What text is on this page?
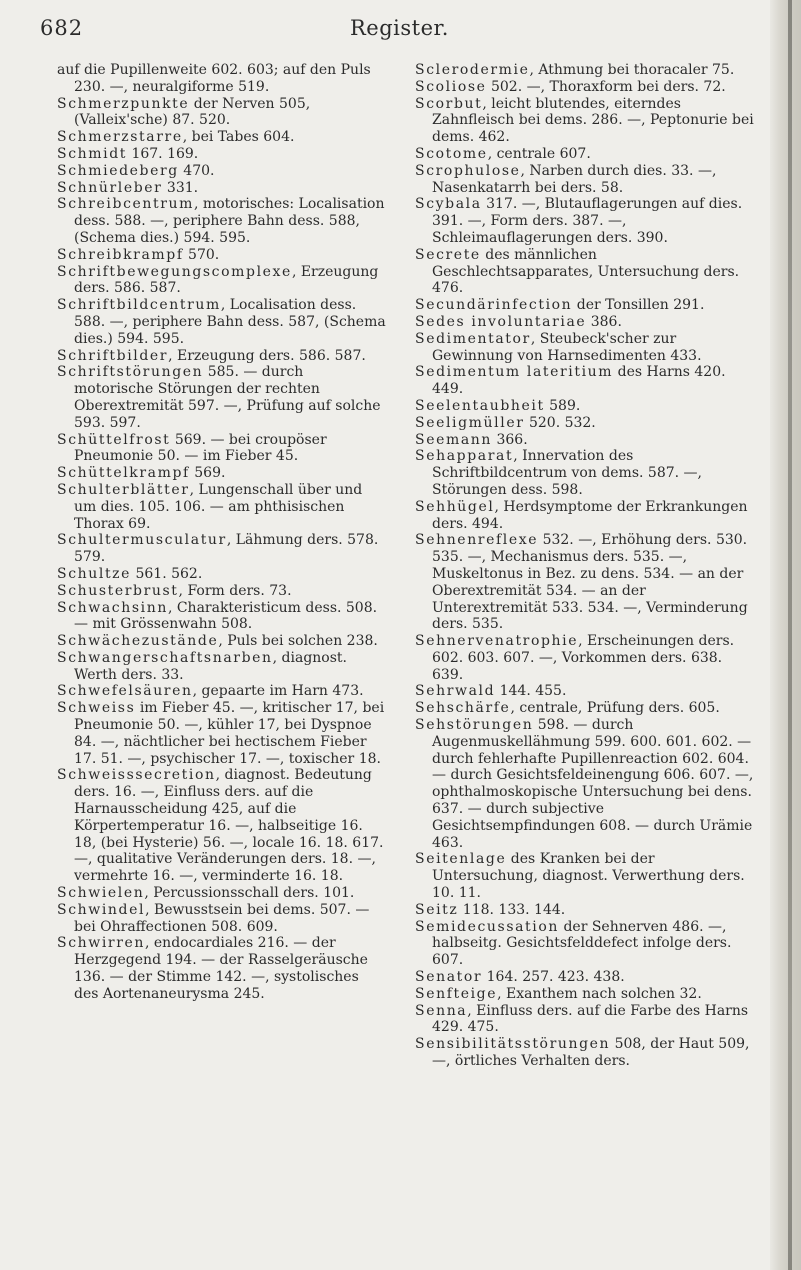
682	Register.

auf die Pupillenweite 602. 603; auf den Puls 230. —, neuralgiforme 519.

Schmerzpunkte der Nerven 505, (Valleix'sche) 87. 520.

Schmerzstarre, bei Tabes 604.

Schmidt 167. 169.

Schmiedeberg 470.

Schnürleber 331.

Schreibcentrum, motorisches: Localisation dess. 588. —, periphere Bahn dess. 588, (Schema dies.) 594. 595.

Schreibkrampf 570.

Schriftbewegungscomplexe, Erzeugung ders. 586. 587.

Schriftbildcentrum, Localisation dess. 588. —, periphere Bahn dess. 587, (Schema dies.) 594. 595.

Schriftbilder, Erzeugung ders. 586. 587.

Schriftstörungen 585. — durch motorische Störungen der rechten Oberextremität 597. —, Prüfung auf solche 593. 597.

Schüttelfrost 569. — bei croupöser Pneumonie 50. — im Fieber 45.

Schüttelkrampf 569.

Schulterblätter, Lungenschall über und um dies. 105. 106. — am phthisischen Thorax 69.

Schultermusculatur, Lähmung ders. 578. 579.

Schultze 561. 562.

Schusterbrust, Form ders. 73.

Schwachsinn, Charakteristicum dess. 508. — mit Grössenwahn 508.

Schwächezustände, Puls bei solchen 238.

Schwangerschaftsnarben, diagnost. Werth ders. 33.

Schwefelsäuren, gepaarte im Harn 473.

Schweiss im Fieber 45. —, kritischer 17, bei Pneumonie 50. —, kühler 17, bei Dyspnoe 84. —, nächtlicher bei hectischem Fieber 17. 51. —, psychischer 17. —, toxischer 18.

Schweisssecretion, diagnost. Bedeutung ders. 16. —, Einfluss ders. auf die Harnausscheidung 425, auf die Körpertemperatur 16. —, halbseitige 16. 18, (bei Hysterie) 56. —, locale 16. 18. 617. —, qualitative Veränderungen ders. 18. —, vermehrte 16. —, verminderte 16. 18.

Schwielen, Percussionsschall ders. 101.

Schwindel, Bewusstsein bei dems. 507. — bei Ohraffectionen 508. 609.

Schwirren, endocardiales 216. — der Herzgegend 194. — der Rasselgeräusche 136. — der Stimme 142. —, systolisches des Aortenaneurysma 245.

Sclerodermie, Athmung bei thoracaler 75.

Scoliose 502. —, Thoraxform bei ders. 72.

Scorbut, leicht blutendes, eiterndes Zahnfleisch bei dems. 286. —, Peptonurie bei dems. 462.

Scotome, centrale 607.

Scrophulose, Narben durch dies. 33. —, Nasenkatarrh bei ders. 58.

Scybala 317. —, Blutauflagerungen auf dies. 391. —, Form ders. 387. —, Schleimauflagerungen ders. 390.

Secrete des männlichen Geschlechtsapparates, Untersuchung ders. 476.

Secundärinfection der Tonsillen 291.

Sedes involuntariae 386.

Sedimentator, Steubeck'scher zur Gewinnung von Harnsedimenten 433.

Sedimentum lateritium des Harns 420. 449.

Seelentaubheit 589.

Seeligmüller 520. 532.

Seemann 366.

Sehapparat, Innervation des Schriftbildcentrum von dems. 587. —, Störungen dess. 598.

Sehhügel, Herdsymptome der Erkrankungen ders. 494.

Sehnenreflexe 532. —, Erhöhung ders. 530. 535. —, Mechanismus ders. 535. —, Muskeltonus in Bez. zu dens. 534. — an der Oberextremität 534. — an der Unterextremität 533. 534. —, Verminderung ders. 535.

Sehnervenatrophie, Erscheinungen ders. 602. 603. 607. —, Vorkommen ders. 638. 639.

Sehrwald 144. 455.

Sehschärfe, centrale, Prüfung ders. 605.

Sehstörungen 598. — durch Augenmuskellähmung 599. 600. 601. 602. — durch fehlerhafte Pupillenreaction 602. 604. — durch Gesichtsfeldeinengung 606. 607. —, ophthalmoskopische Untersuchung bei dens. 637. — durch subjective Gesichtsempfindungen 608. — durch Urämie 463.

Seitenlage des Kranken bei der Untersuchung, diagnost. Verwerthung ders. 10. 11.

Seitz 118. 133. 144.

Semidecussation der Sehnerven 486. —, halbseitg. Gesichtsfelddefect infolge ders. 607.

Senator 164. 257. 423. 438.

Senfteige, Exanthem nach solchen 32.

Senna, Einfluss ders. auf die Farbe des Harns 429. 475.

Sensibilitätsstörungen 508, der Haut 509, —, örtliches Verhalten ders.
